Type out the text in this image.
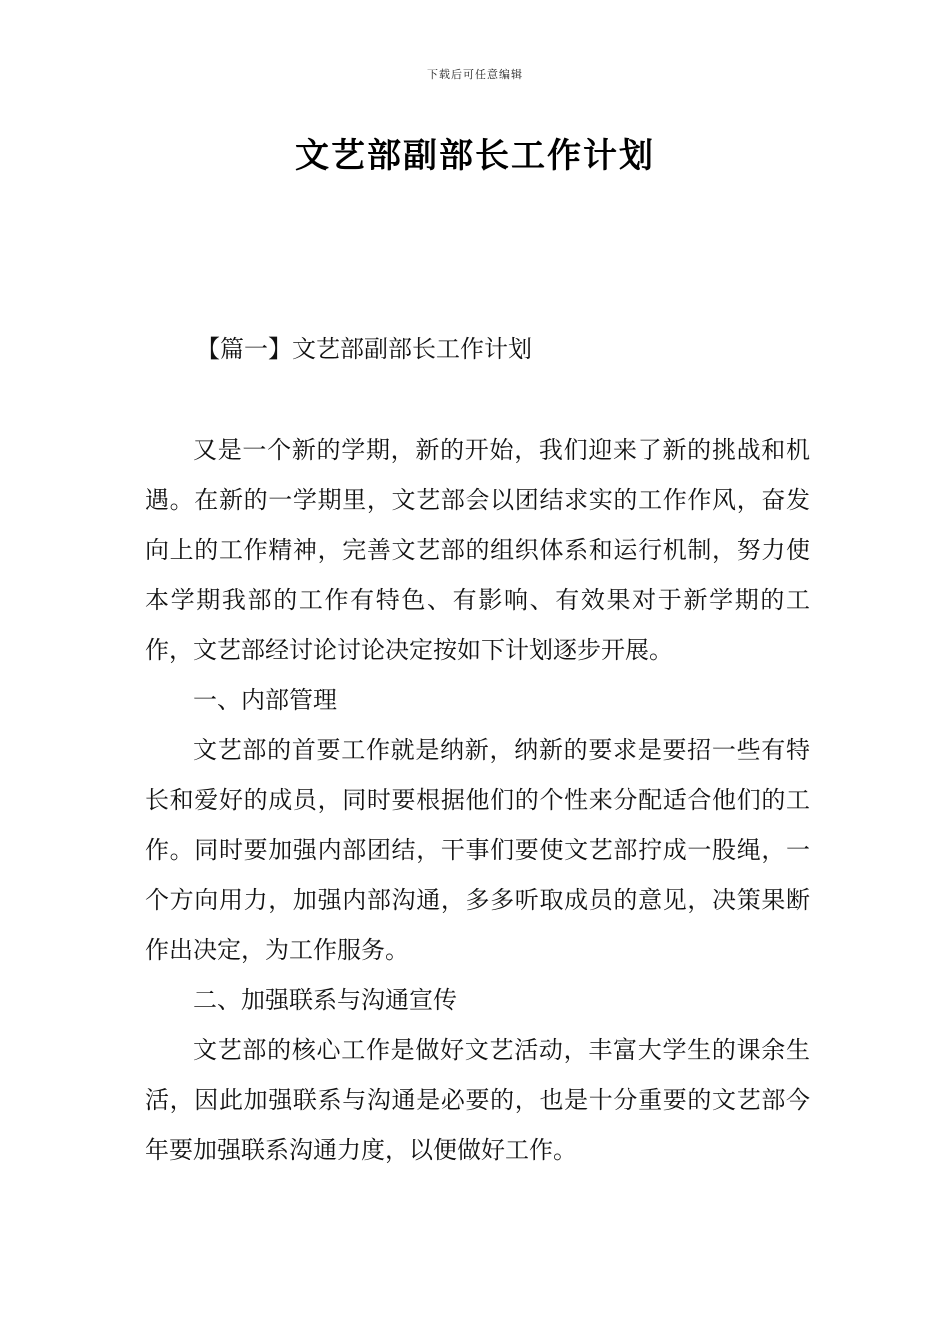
下载后可任意编辑
文艺部副部长工作计划
【篇一】文艺部副部长工作计划

又是一个新的学期，新的开始，我们迎来了新的挑战和机遇。在新的一学期里，文艺部会以团结求实的工作作风，奋发向上的工作精神，完善文艺部的组织体系和运行机制，努力使本学期我部的工作有特色、有影响、有效果对于新学期的工作，文艺部经讨论讨论决定按如下计划逐步开展。

一、内部管理

文艺部的首要工作就是纳新，纳新的要求是要招一些有特长和爱好的成员，同时要根据他们的个性来分配适合他们的工作。同时要加强内部团结，干事们要使文艺部拧成一股绳，一个方向用力，加强内部沟通，多多听取成员的意见，决策果断作出决定，为工作服务。

二、加强联系与沟通宣传

文艺部的核心工作是做好文艺活动，丰富大学生的课余生活，因此加强联系与沟通是必要的，也是十分重要的文艺部今年要加强联系沟通力度，以便做好工作。
